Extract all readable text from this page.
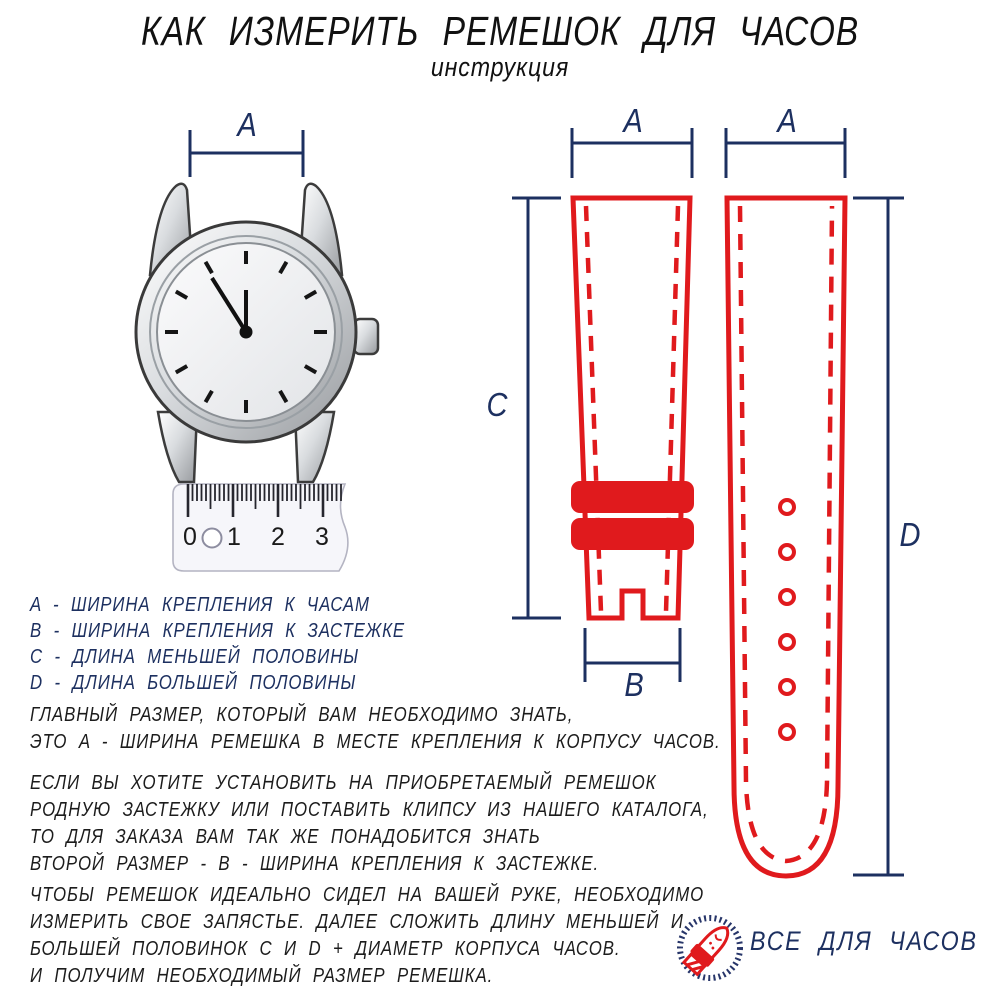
КАК ИЗМЕРИТЬ РЕМЕШОК ДЛЯ ЧАСОВ
инструкция
A	A	A
C
B
D
0 1 2 3
A - ШИРИНА КРЕПЛЕНИЯ К ЧАСАМ
B - ШИРИНА КРЕПЛЕНИЯ К ЗАСТЕЖКЕ
C - ДЛИНА МЕНЬШЕЙ ПОЛОВИНЫ
D - ДЛИНА БОЛЬШЕЙ ПОЛОВИНЫ
ГЛАВНЫЙ РАЗМЕР, КОТОРЫЙ ВАМ НЕОБХОДИМО ЗНАТЬ,
ЭТО A - ШИРИНА РЕМЕШКА В МЕСТЕ КРЕПЛЕНИЯ К КОРПУСУ ЧАСОВ.
ЕСЛИ ВЫ ХОТИТЕ УСТАНОВИТЬ НА ПРИОБРЕТАЕМЫЙ РЕМЕШОК
РОДНУЮ ЗАСТЕЖКУ ИЛИ ПОСТАВИТЬ КЛИПСУ ИЗ НАШЕГО КАТАЛОГА,
ТО ДЛЯ ЗАКАЗА ВАМ ТАК ЖЕ ПОНАДОБИТСЯ ЗНАТЬ
ВТОРОЙ РАЗМЕР - B - ШИРИНА КРЕПЛЕНИЯ К ЗАСТЕЖКЕ.
ЧТОБЫ РЕМЕШОК ИДЕАЛЬНО СИДЕЛ НА ВАШЕЙ РУКЕ, НЕОБХОДИМО
ИЗМЕРИТЬ СВОЕ ЗАПЯСТЬЕ. ДАЛЕЕ СЛОЖИТЬ ДЛИНУ МЕНЬШЕЙ И
БОЛЬШЕЙ ПОЛОВИНОК C И D + ДИАМЕТР КОРПУСА ЧАСОВ.
И ПОЛУЧИМ НЕОБХОДИМЫЙ РАЗМЕР РЕМЕШКА.
ВСЕ ДЛЯ ЧАСОВ
